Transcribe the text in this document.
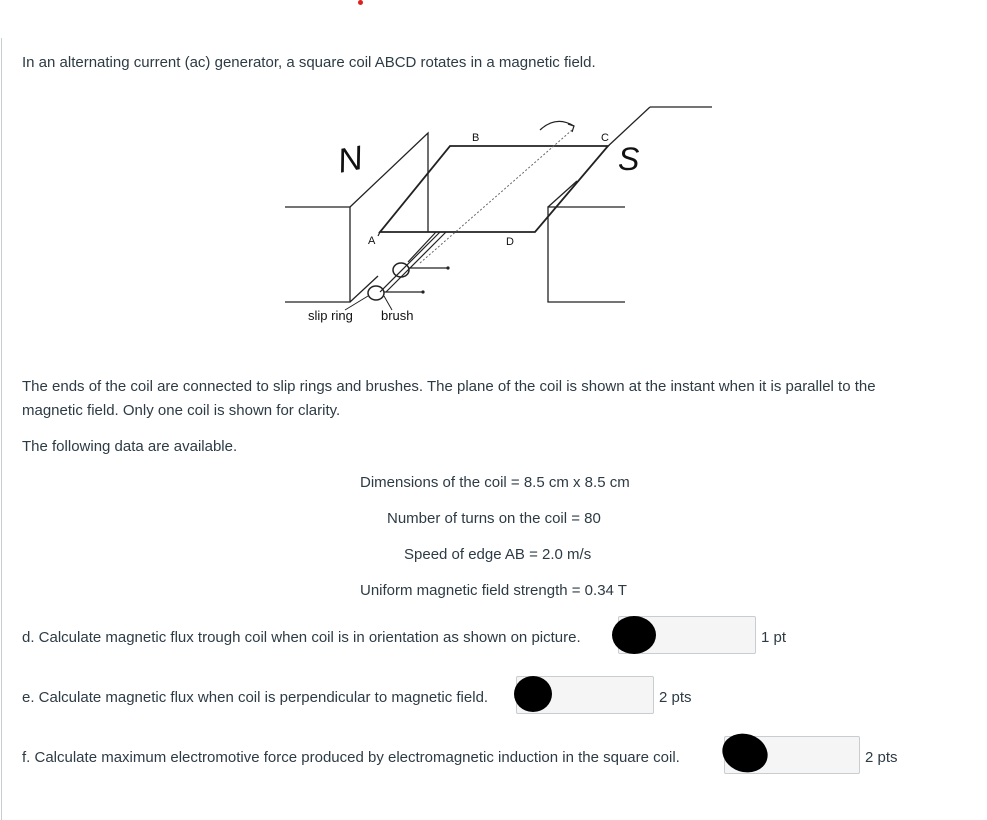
In an alternating current (ac) generator, a square coil ABCD rotates in a magnetic field.
N	S
A
B	C
D
slip ring brush
The ends of the coil are connected to slip rings and brushes. The plane of the coil is shown at the instant when it is parallel to the
magnetic field. Only one coil is shown for clarity.
The following data are available.
Dimensions of the coil = 8.5 cm x 8.5 cm
Number of turns on the coil = 80
Speed of edge AB = 2.0 m/s
Uniform magnetic field strength = 0.34 T
d. Calculate magnetic flux trough coil when coil is in orientation as shown on picture.	1 pt
e. Calculate magnetic flux when coil is perpendicular to magnetic field.	2 pts
f. Calculate maximum electromotive force produced by electromagnetic induction in the square coil.	2 pts
